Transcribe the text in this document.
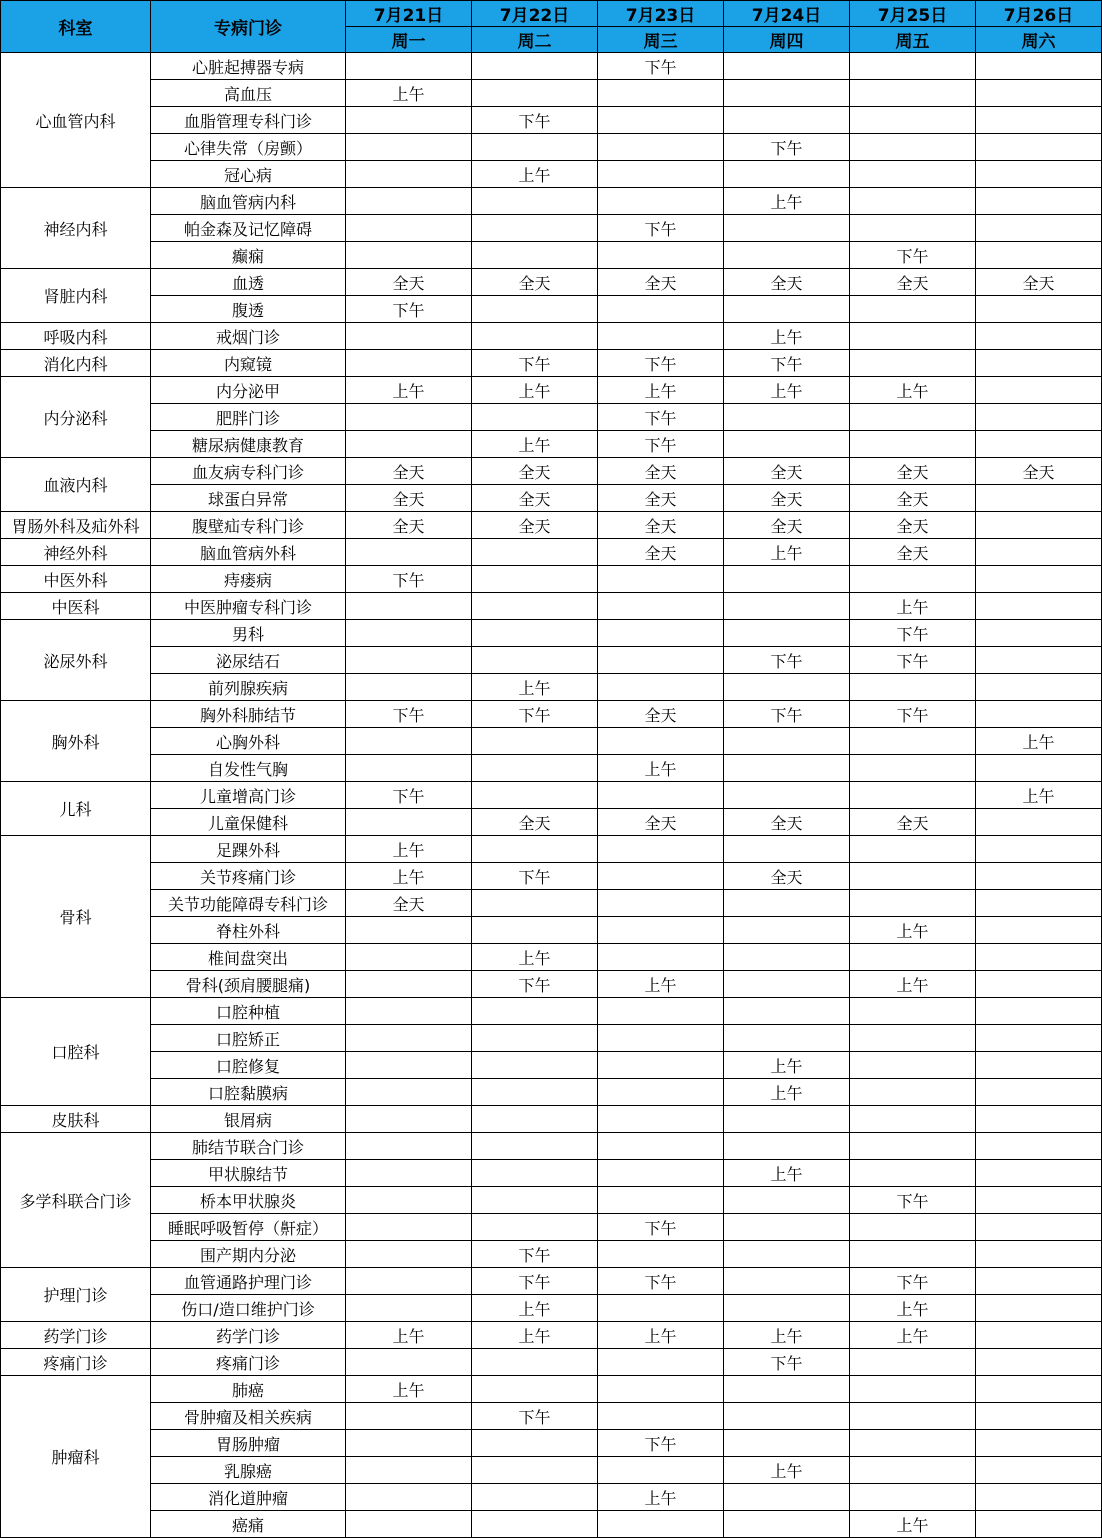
科室	专病门诊	7月21日	7月22日	7月23日	7月24日	7月25日	7月26日
		周一	周二	周三	周四	周五	周六
心血管内科	心脏起搏器专病			下午			
	高血压	上午					
	血脂管理专科门诊		下午				
	心律失常（房颤）				下午		
	冠心病		上午				
神经内科	脑血管病内科				上午		
	帕金森及记忆障碍			下午			
	癫痫					下午	
肾脏内科	血透	全天	全天	全天	全天	全天	全天
	腹透	下午					
呼吸内科	戒烟门诊				上午		
消化内科	内窥镜		下午	下午	下午		
内分泌科	内分泌甲	上午	上午	上午	上午	上午	
	肥胖门诊			下午			
	糖尿病健康教育		上午	下午			
血液内科	血友病专科门诊	全天	全天	全天	全天	全天	全天
	球蛋白异常	全天	全天	全天	全天	全天	
胃肠外科及疝外科	腹壁疝专科门诊	全天	全天	全天	全天	全天	
神经外科	脑血管病外科			全天	上午	全天	
中医外科	痔瘘病	下午					
中医科	中医肿瘤专科门诊					上午	
泌尿外科	男科					下午	
	泌尿结石				下午	下午	
	前列腺疾病		上午				
胸外科	胸外科肺结节	下午	下午	全天	下午	下午	
	心胸外科						上午
	自发性气胸			上午			
儿科	儿童增高门诊	下午					上午
	儿童保健科		全天	全天	全天	全天	
骨科	足踝外科	上午					
	关节疼痛门诊	上午	下午		全天		
	关节功能障碍专科门诊	全天					
	脊柱外科					上午	
	椎间盘突出		上午				
	骨科(颈肩腰腿痛)		下午	上午		上午	
口腔科	口腔种植						
	口腔矫正						
	口腔修复				上午		
	口腔黏膜病				上午		
皮肤科	银屑病						
多学科联合门诊	肺结节联合门诊						
	甲状腺结节				上午		
	桥本甲状腺炎					下午	
	睡眠呼吸暂停（鼾症）			下午			
	围产期内分泌		下午				
护理门诊	血管通路护理门诊		下午	下午		下午	
	伤口/造口维护门诊		上午			上午	
药学门诊	药学门诊	上午	上午	上午	上午	上午	
疼痛门诊	疼痛门诊				下午		
肿瘤科	肺癌	上午					
	骨肿瘤及相关疾病		下午				
	胃肠肿瘤			下午			
	乳腺癌				上午		
	消化道肿瘤			上午			
	癌痛					上午	
